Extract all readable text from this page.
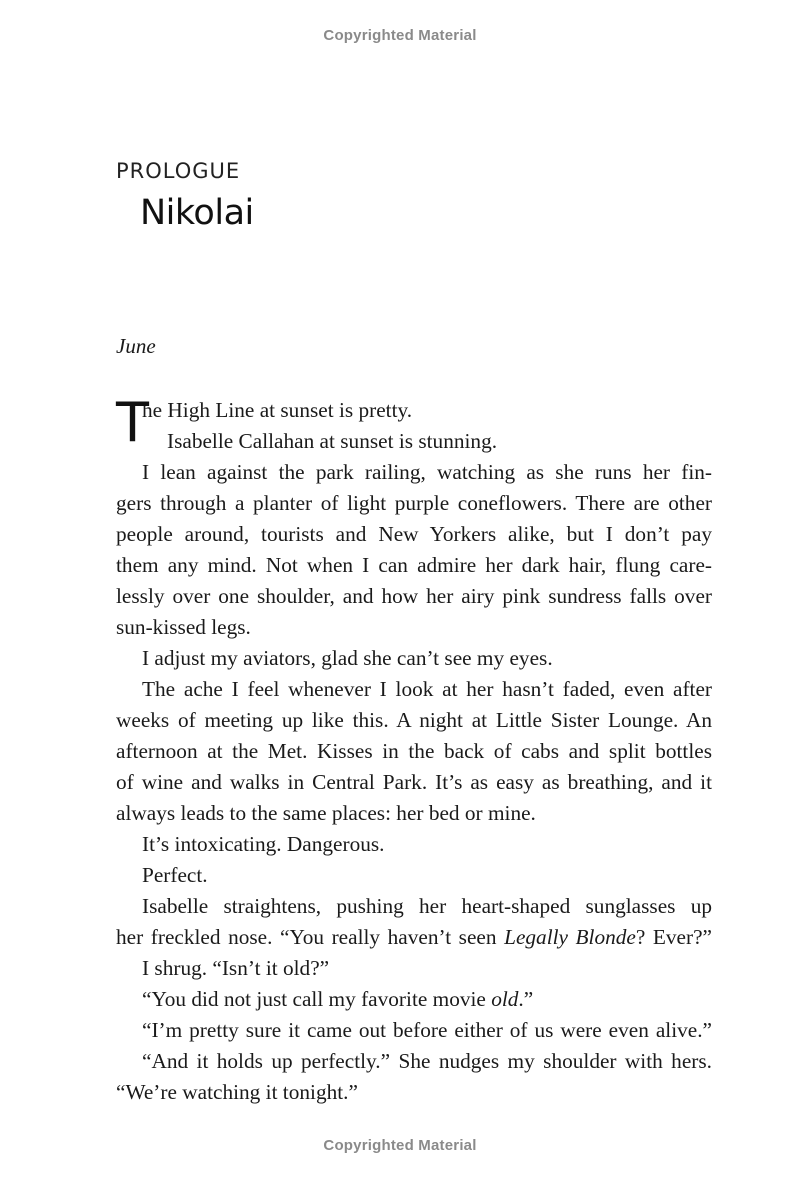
Copyrighted Material
PROLOGUE
Nikolai
June
T
he High Line at sunset is pretty.
Isabelle Callahan at sunset is stunning.
I lean against the park railing, watching as she runs her fin-
gers through a planter of light purple coneflowers. There are other
people around, tourists and New Yorkers alike, but I don’t pay
them any mind. Not when I can admire her dark hair, flung care-
lessly over one shoulder, and how her airy pink sundress falls over
sun-kissed legs.
I adjust my aviators, glad she can’t see my eyes.
The ache I feel whenever I look at her hasn’t faded, even after
weeks of meeting up like this. A night at Little Sister Lounge. An
afternoon at the Met. Kisses in the back of cabs and split bottles
of wine and walks in Central Park. It’s as easy as breathing, and it
always leads to the same places: her bed or mine.
It’s intoxicating. Dangerous.
Perfect.
Isabelle straightens, pushing her heart-shaped sunglasses up
her freckled nose. “You really haven’t seen Legally Blonde? Ever?”
I shrug. “Isn’t it old?”
“You did not just call my favorite movie old.”
“I’m pretty sure it came out before either of us were even alive.”
“And it holds up perfectly.” She nudges my shoulder with hers.
“We’re watching it tonight.”
Copyrighted Material
